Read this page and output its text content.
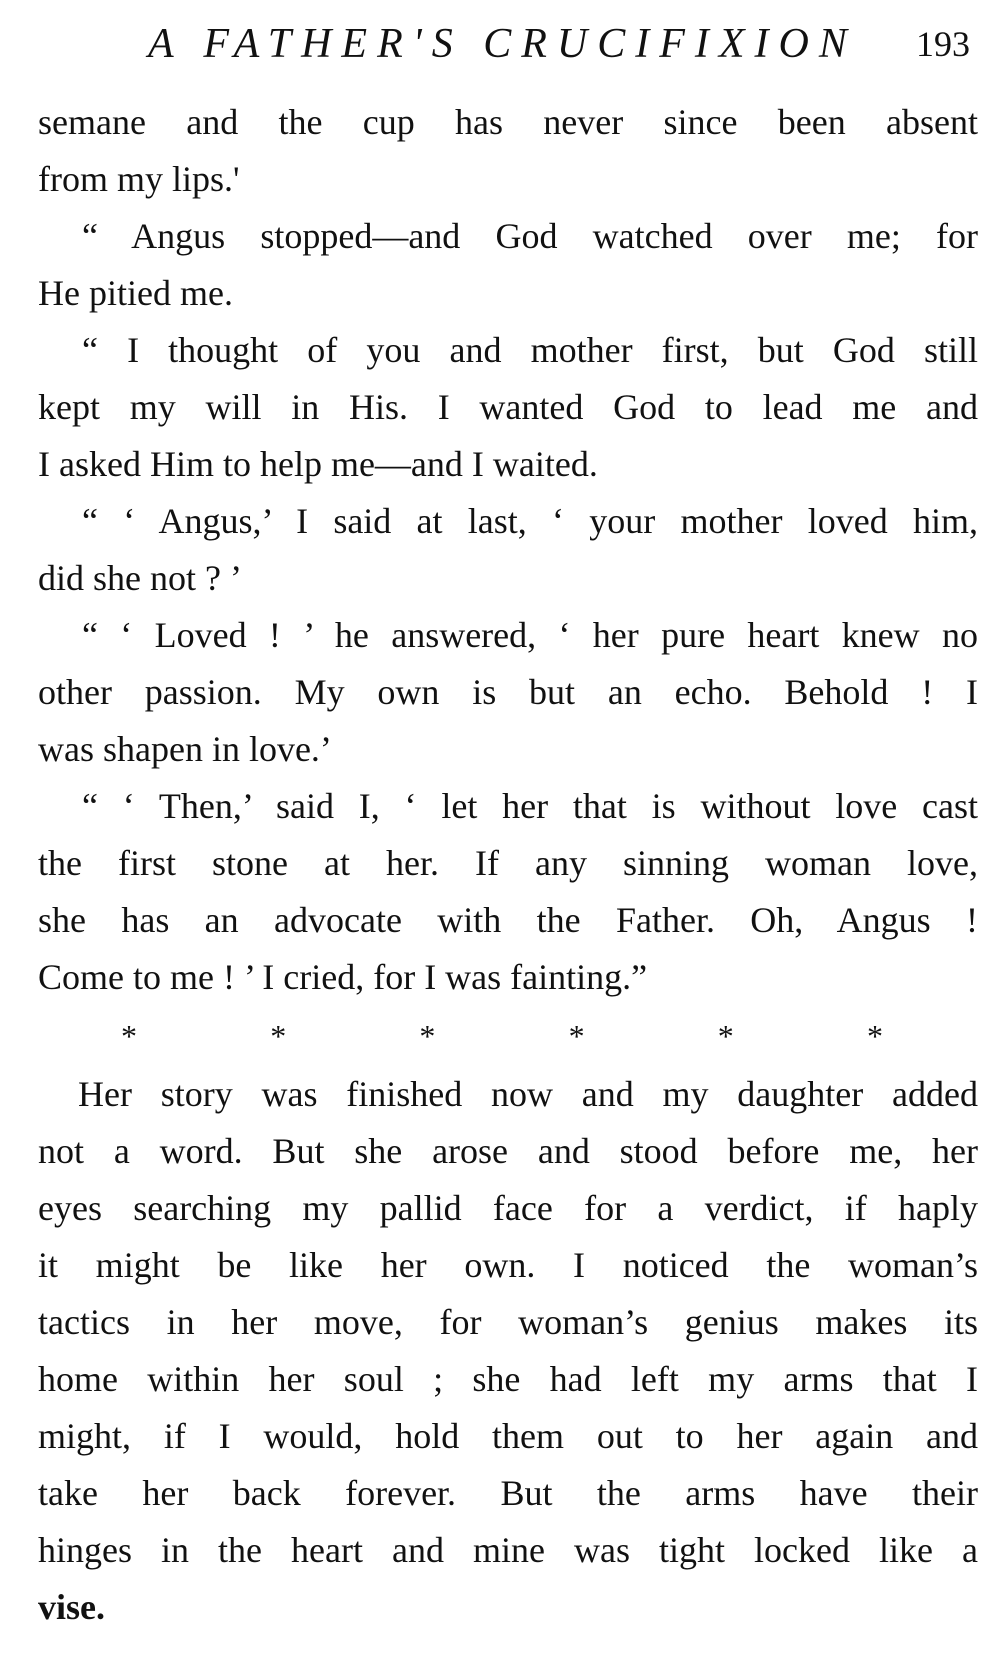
A FATHER'S CRUCIFIXION 193
semane and the cup has never since been absent
from my lips.'
“ Angus stopped—and God watched over me; for
He pitied me.
“ I thought of you and mother first, but God still
kept my will in His. I wanted God to lead me and
I asked Him to help me—and I waited.
“ ‘ Angus,’ I said at last, ‘ your mother loved him,
did she not ? ’
“ ‘ Loved ! ’ he answered, ‘ her pure heart knew no
other passion. My own is but an echo. Behold ! I
was shapen in love.’
“ ‘ Then,’ said I, ‘ let her that is without love cast
the first stone at her. If any sinning woman love,
she has an advocate with the Father. Oh, Angus !
Come to me ! ’ I cried, for I was fainting.”
*	*	*	*	*	*
Her story was finished now and my daughter added
not a word. But she arose and stood before me, her
eyes searching my pallid face for a verdict, if haply
it might be like her own. I noticed the woman’s
tactics in her move, for woman’s genius makes its
home within her soul ; she had left my arms that I
might, if I would, hold them out to her again and
take her back forever. But the arms have their
hinges in the heart and mine was tight locked like a
vise.
